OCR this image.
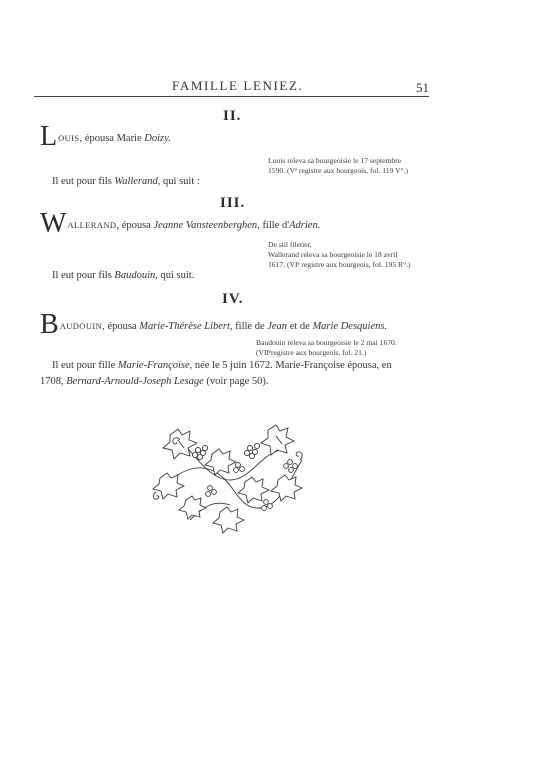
FAMILLE LENIEZ.	51
II.
LOUIS, épousa Marie Doizy.
Louis releva sa bourgeoisie le 17 septembre
1590. (Vᵉ registre aux bourgeois, fol. 119 V°.)
Il eut pour fils Wallerand, qui suit :
III.
WALLERAND, épousa Jeanne Vansteenberghen, fille d'Adrien.
De stil filetier.
Wallerand releva sa bourgeoisie le 18 avril
1617. (VIᵉ registre aux bourgeois, fol. 195 R°.)
Il eut pour fils Baudouin, qui suit.
IV.
BAUDOUIN, épousa Marie-Thérèse Libert, fille de Jean et de Marie Desquiens.
Baudouin releva sa bourgeoisie le 2 mai 1670.
(VIIᵉregistre aux bourgeois, fol. 21.)
Il eut pour fille Marie-Françoise, née le 5 juin 1672. Marie-Françoise épousa, en
1708, Bernard-Arnould-Joseph Lesage (voir page 50).
